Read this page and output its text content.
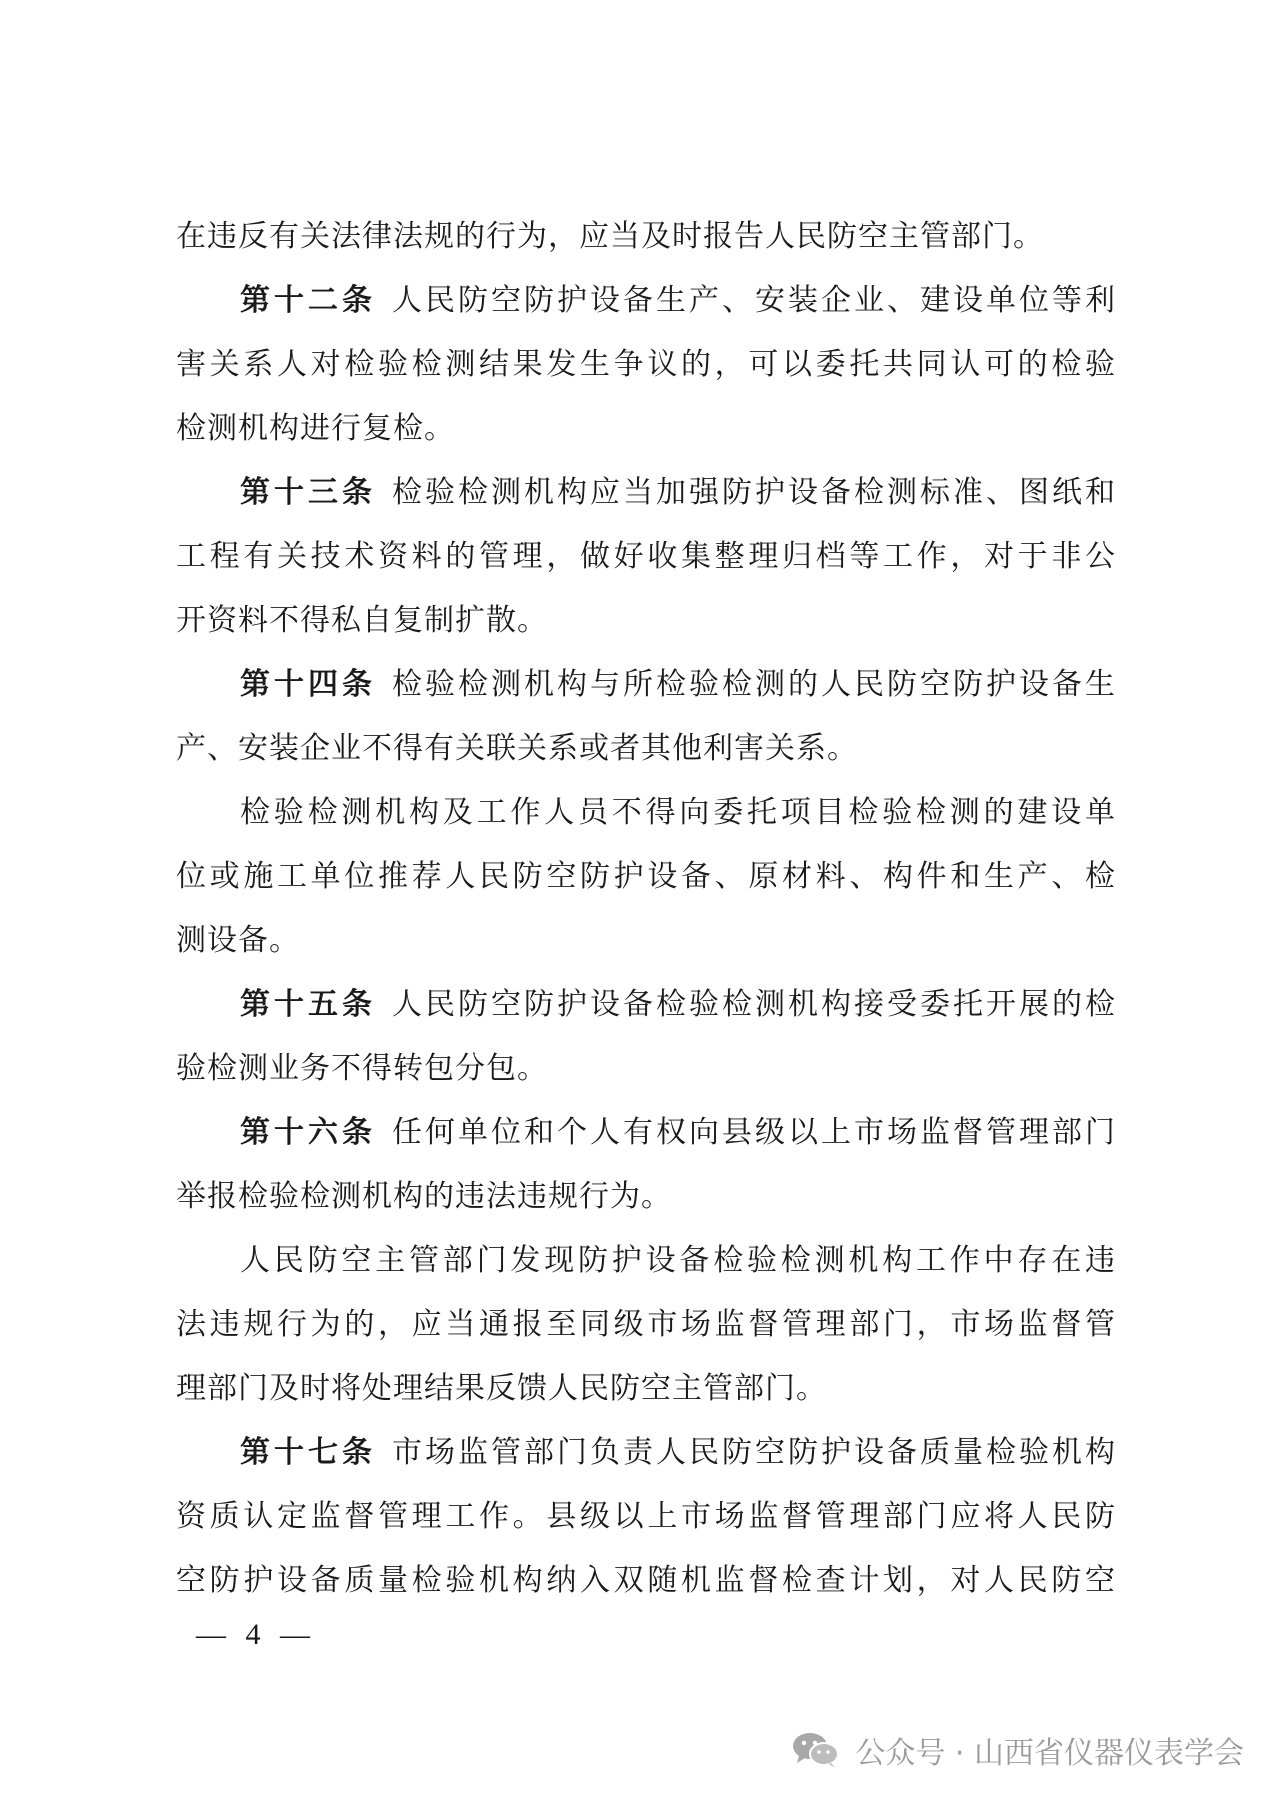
在违反有关法律法规的行为，应当及时报告人民防空主管部门。
第十二条 人民防空防护设备生产、安装企业、建设单位等利
害关系人对检验检测结果发生争议的，可以委托共同认可的检验
检测机构进行复检。
第十三条 检验检测机构应当加强防护设备检测标准、图纸和
工程有关技术资料的管理，做好收集整理归档等工作，对于非公
开资料不得私自复制扩散。
第十四条 检验检测机构与所检验检测的人民防空防护设备生
产、安装企业不得有关联关系或者其他利害关系。
检验检测机构及工作人员不得向委托项目检验检测的建设单
位或施工单位推荐人民防空防护设备、原材料、构件和生产、检
测设备。
第十五条 人民防空防护设备检验检测机构接受委托开展的检
验检测业务不得转包分包。
第十六条 任何单位和个人有权向县级以上市场监督管理部门
举报检验检测机构的违法违规行为。
人民防空主管部门发现防护设备检验检测机构工作中存在违
法违规行为的，应当通报至同级市场监督管理部门，市场监督管
理部门及时将处理结果反馈人民防空主管部门。
第十七条 市场监管部门负责人民防空防护设备质量检验机构
资质认定监督管理工作。县级以上市场监督管理部门应将人民防
空防护设备质量检验机构纳入双随机监督检查计划，对人民防空
— 4 —
公众号 · 山西省仪器仪表学会
